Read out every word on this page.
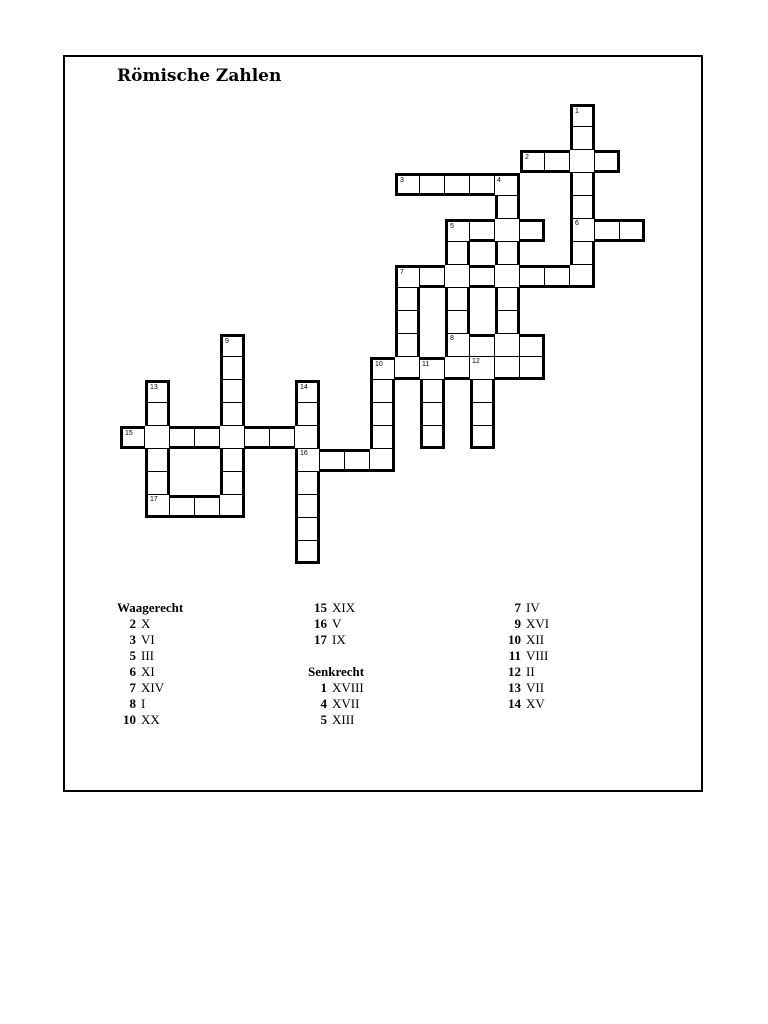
Römische Zahlen
2
3	4
5	6
7
8
10	11	12
15
16
17
1
9
13	14
Waagerecht
2 X
3 VI
5 III
6 XI
7 XIV
8 I
10 XX
15 XIX
16 V
17 IX
Senkrecht
1 XVIII
4 XVII
5 XIII
7 IV
9 XVI
10 XII
11 VIII
12 II
13 VII
14 XV
